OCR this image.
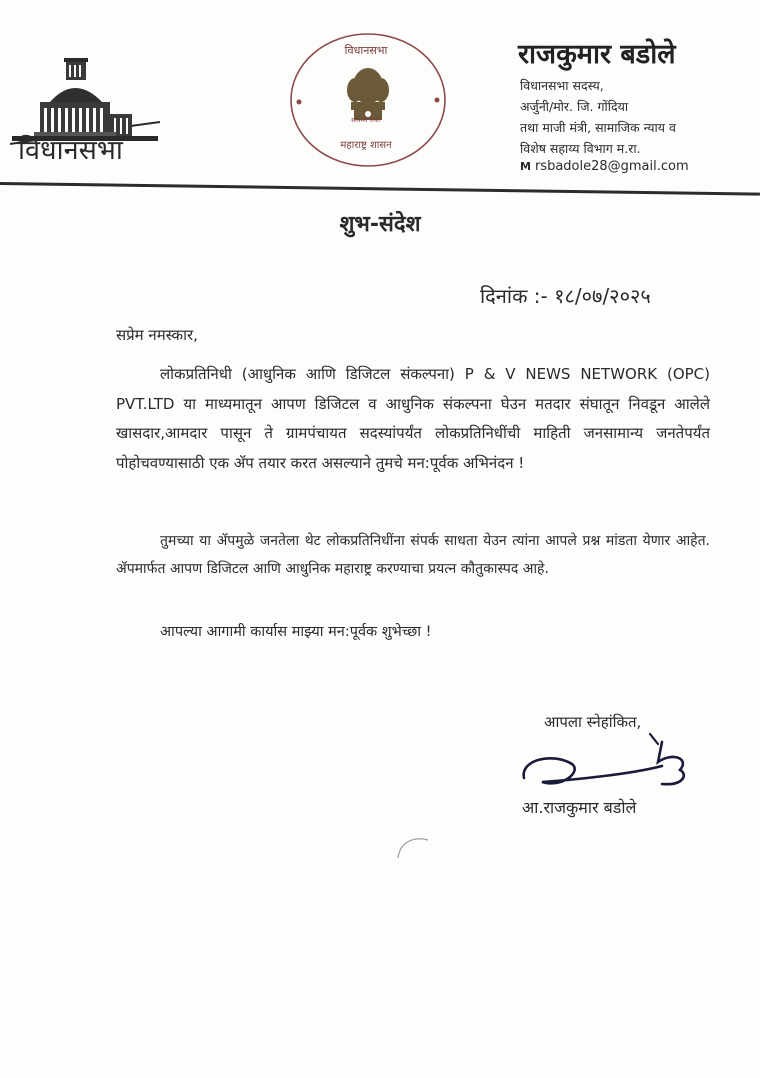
विधानसभा
विधानसभा
सत्यमेव जयते
महाराष्ट्र शासन
राजकुमार बडोले
विधानसभा सदस्य,
अर्जुनी/मोर. जि. गोंदिया
तथा माजी मंत्री, सामाजिक न्याय व
विशेष सहाय्य विभाग म.रा.
M rsbadole28@gmail.com
शुभ-संदेश
दिनांक :- १८/०७/२०२५
सप्रेम नमस्कार,
लोकप्रतिनिधी (आधुनिक आणि डिजिटल संकल्पना) P & V NEWS NETWORK (OPC) PVT.LTD या माध्यमातून आपण डिजिटल व आधुनिक संकल्पना घेउन मतदार संघातून निवडून आलेले खासदार,आमदार पासून ते ग्रामपंचायत सदस्यांपर्यंत लोकप्रतिनिधींची माहिती जनसामान्य जनतेपर्यंत पोहोचवण्यासाठी एक ॲप तयार करत असल्याने तुमचे मन:पूर्वक अभिनंदन !
तुमच्या या ॲपमुळे जनतेला थेट लोकप्रतिनिधींना संपर्क साधता येउन त्यांना आपले प्रश्न मांडता येणार आहेत. ॲपमार्फत आपण डिजिटल आणि आधुनिक महाराष्ट्र करण्याचा प्रयत्न कौतुकास्पद आहे.
आपल्या आगामी कार्यास माझ्या मन:पूर्वक शुभेच्छा !
आपला स्नेहांकित,
आ.राजकुमार बडोले
